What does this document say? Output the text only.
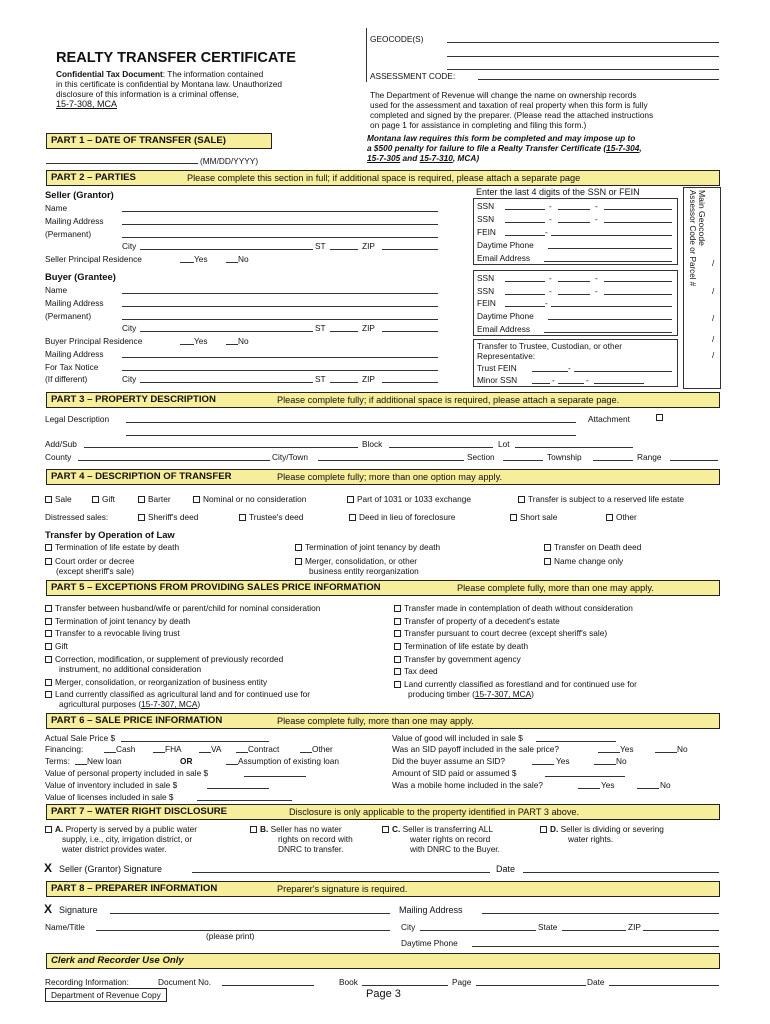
GEOCODE(S)
ASSESSMENT CODE:
REALTY TRANSFER CERTIFICATE
Confidential Tax Document: The information contained
in this certificate is confidential by Montana law. Unauthorized
disclosure of this information is a criminal offense,
15-7-308, MCA
The Department of Revenue will change the name on ownership records
used for the assessment and taxation of real property when this form is fully
completed and signed by the preparer. (Please read the attached instructions
on page 1 for assistance in completing and filing this form.)
Montana law requires this form be completed and may impose up to
a $500 penalty for failure to file a Realty Transfer Certificate (15-7-304,
15-7-305 and 15-7-310, MCA)
PART 1 – DATE OF TRANSFER (SALE)
(MM/DD/YYYY)
PART 2 – PARTIES	Please complete this section in full; if additional space is required, please attach a separate page
Seller (Grantor)
Name
Mailing Address
(Permanent)
City	ST	ZIP
Seller Principal Residence	Yes	No
Buyer (Grantee)
Name
Mailing Address
(Permanent)
City	ST	ZIP
Buyer Principal Residence	Yes	No
Mailing Address
For Tax Notice
(If different)	City	ST	ZIP
Enter the last 4 digits of the SSN or FEIN
SSN	-	-
SSN	-	-
FEIN	-
Daytime Phone
Email Address
SSN	-	-
SSN	-	-
FEIN	-
Daytime Phone
Email Address
Transfer to Trustee, Custodian, or other
Representative:
Trust FEIN	-
Minor SSN	-	-
Main Geocode
Assessor Code or Parcel # /
/
/
/
/
PART 3 – PROPERTY DESCRIPTION	Please complete fully; if additional space is required, please attach a separate page.
Legal Description	Attachment
Add/Sub	Block	Lot
County	City/Town	Section	Township	Range
PART 4 – DESCRIPTION OF TRANSFER	Please complete fully; more than one option may apply.
Sale	Gift	Barter	Nominal or no consideration	Part of 1031 or 1033 exchange	Transfer is subject to a reserved life estate
Distressed sales:	Sheriff's deed	Trustee's deed	Deed in lieu of foreclosure	Short sale	Other
Transfer by Operation of Law
Termination of life estate by death
Court order or decree
(except sheriff's sale)
Termination of joint tenancy by death
Merger, consolidation, or other
business entity reorganization
Transfer on Death deed
Name change only
PART 5 – EXCEPTIONS FROM PROVIDING SALES PRICE INFORMATION	Please complete fully, more than one may apply.
Transfer between husband/wife or parent/child for nominal consideration
Termination of joint tenancy by death
Transfer to a revocable living trust
Gift
Correction, modification, or supplement of previously recorded
instrument, no additional consideration
Merger, consolidation, or reorganization of business entity
Land currently classified as agricultural land and for continued use for
agricultural purposes (15-7-307, MCA)
Transfer made in contemplation of death without consideration
Transfer of property of a decedent's estate
Transfer pursuant to court decree (except sheriff's sale)
Termination of life estate by death
Transfer by government agency
Tax deed
Land currently classified as forestland and for continued use for
producing timber (15-7-307, MCA)
PART 6 – SALE PRICE INFORMATION	Please complete fully, more than one may apply.
Actual Sale Price $
Financing:	Cash	FHA	VA	Contract	Other
Terms: New loan	OR	Assumption of existing loan
Value of personal property included in sale $
Value of inventory included in sale $
Value of licenses included in sale $
Value of good will included in sale $
Was an SID payoff included in the sale price?	Yes	No
Did the buyer assume an SID?	Yes	No
Amount of SID paid or assumed $
Was a mobile home included in the sale?	Yes	No
PART 7 – WATER RIGHT DISCLOSURE	Disclosure is only applicable to the property identified in PART 3 above.
A. Property is served by a public water
supply, i.e., city, irrigation district, or
water district provides water.
B. Seller has no water
rights on record with
DNRC to transfer.
C. Seller is transferring ALL
water rights on record
with DNRC to the Buyer.
D. Seller is dividing or severing
water rights.
X Seller (Grantor) Signature	Date
PART 8 – PREPARER INFORMATION	Preparer's signature is required.
X Signature	Mailing Address
Name/Title
(please print)
City	State	ZIP
Daytime Phone
Clerk and Recorder Use Only
Recording Information:	Document No.	Book	Page	Date
Department of Revenue Copy	Page 3
